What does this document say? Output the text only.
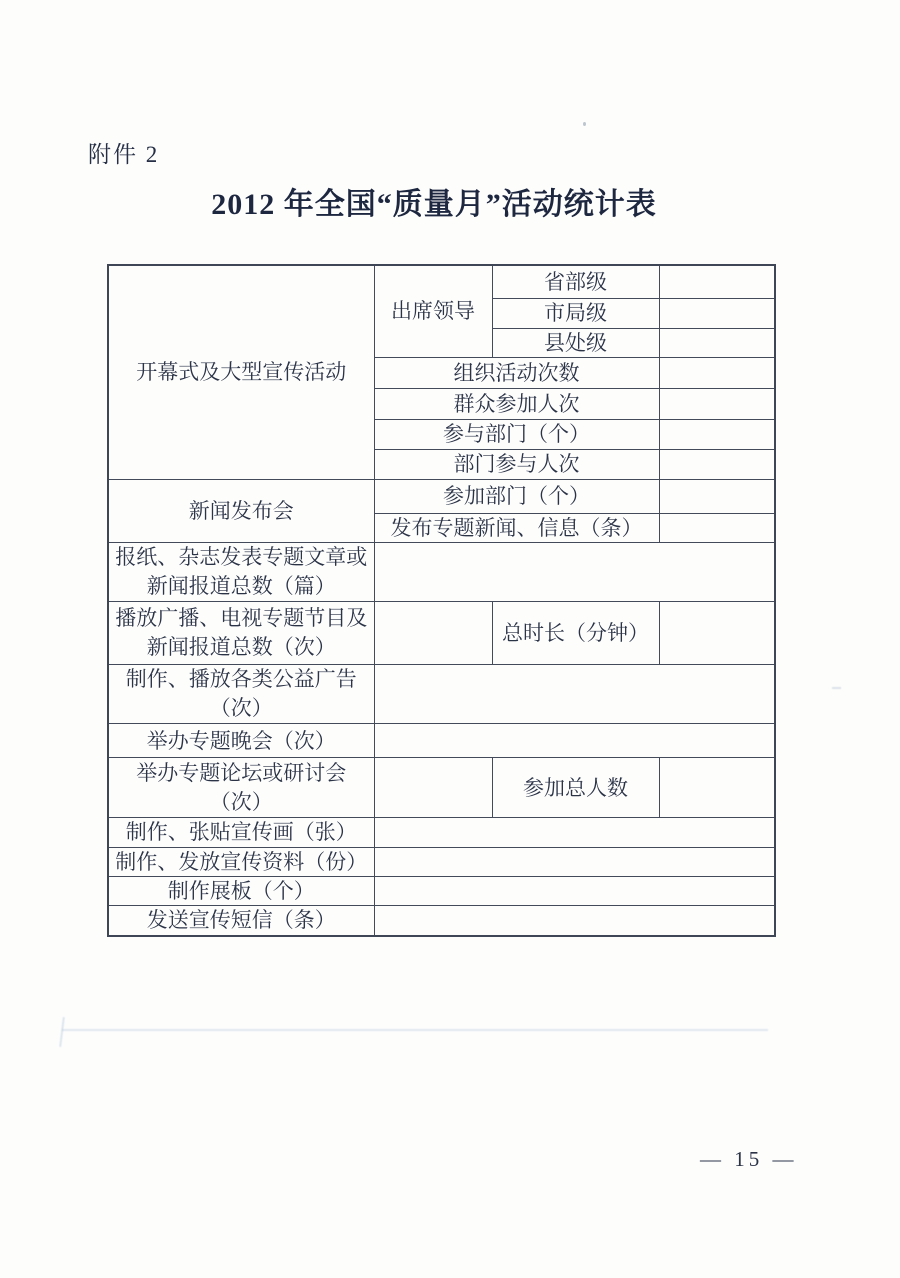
附件 2
2012 年全国“质量月”活动统计表
开幕式及大型宣传活动	出席领导	省部级	
		市局级	
		县处级	
	组织活动次数		
	群众参加人次		
	参与部门（个）		
	部门参与人次		
新闻发布会	参加部门（个）		
	发布专题新闻、信息（条）		

报纸、杂志发表专题文章或
新闻报道总数（篇）			

播放广播、电视专题节目及
新闻报道总数（次）		总时长（分钟）	

制作、播放各类公益广告
（次）			

举办专题晚会（次）			

举办专题论坛或研讨会
（次）		参加总人数	
制作、张贴宣传画（张）			
制作、发放宣传资料（份）			
制作展板（个）			
发送宣传短信（条）			
— 15 —
